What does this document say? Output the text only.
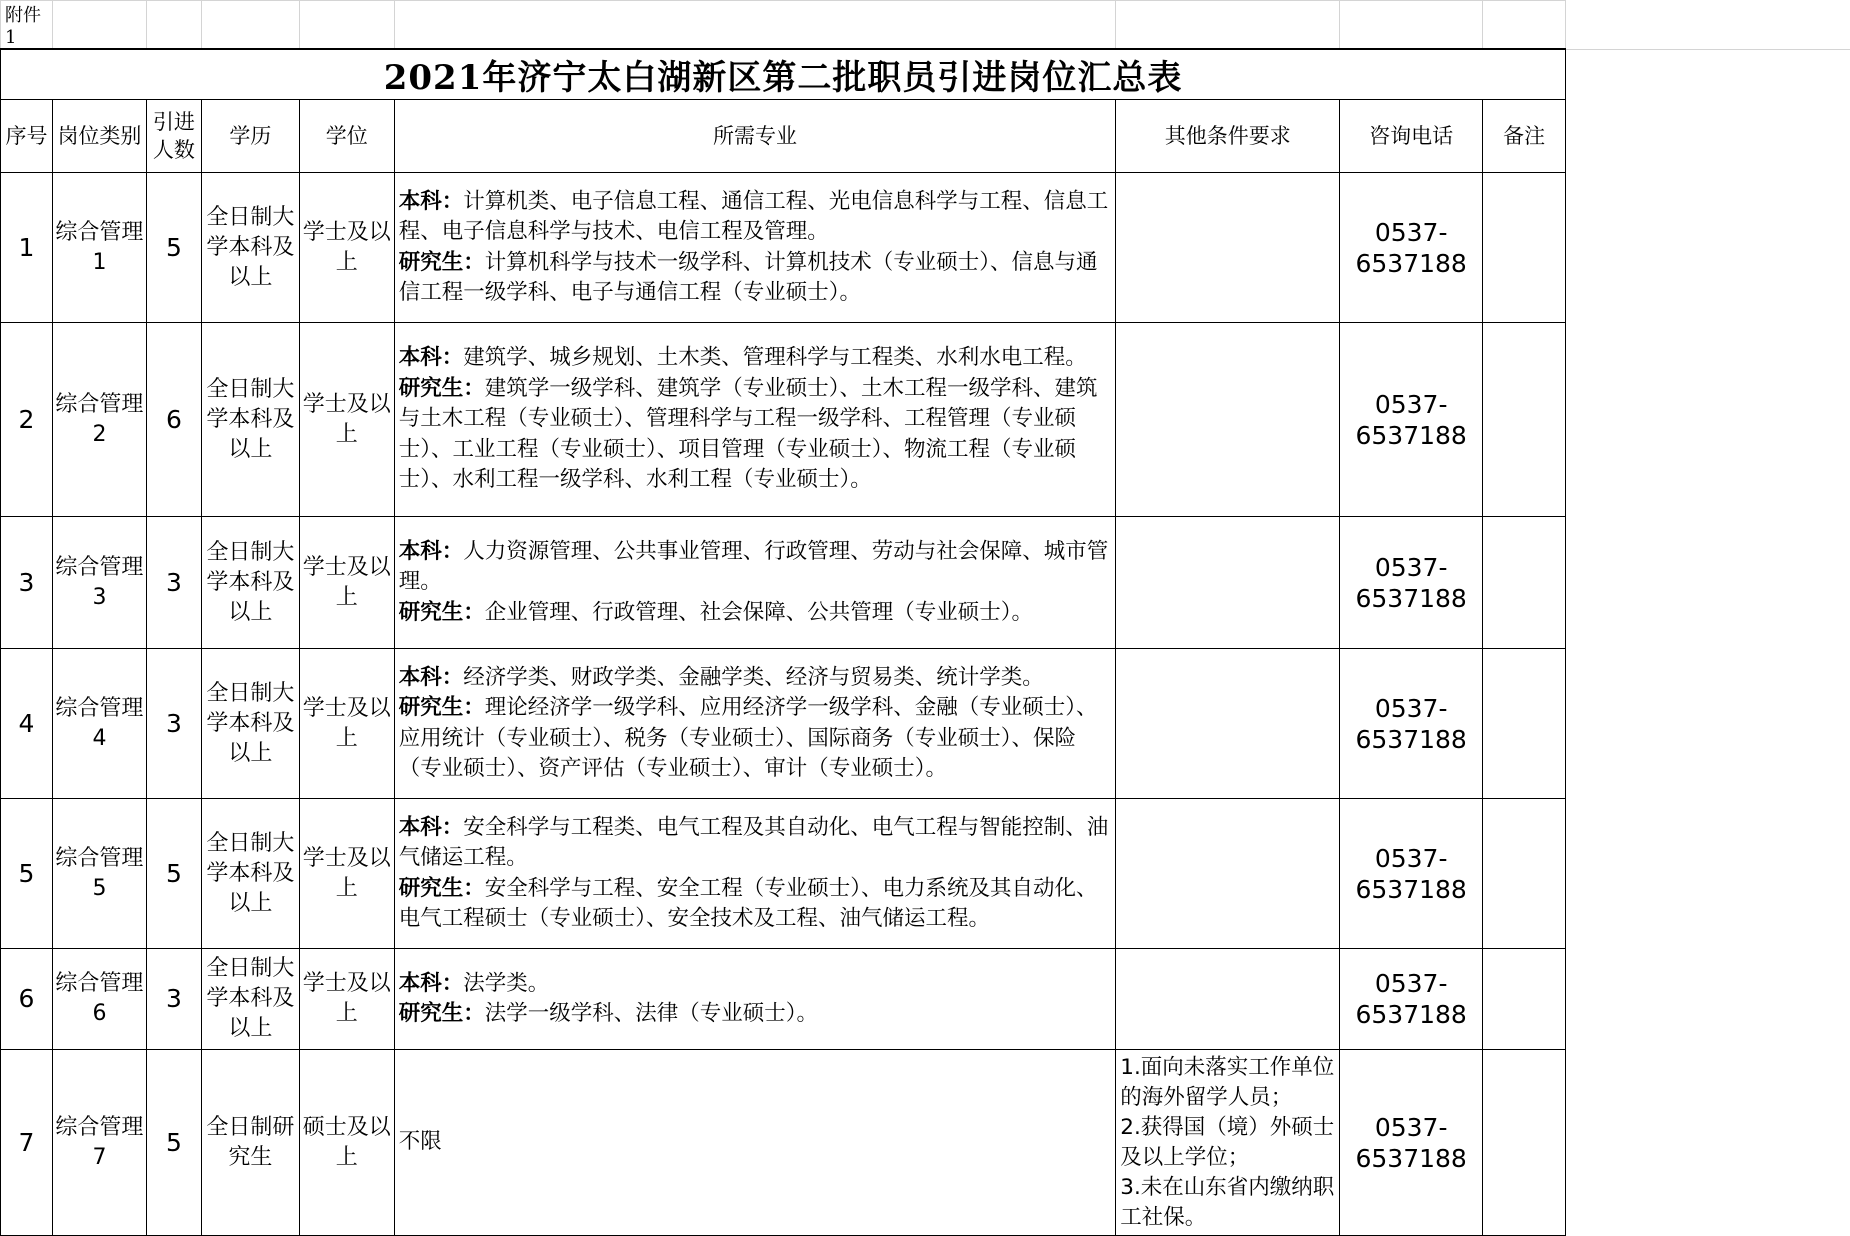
附件1									
2021年济宁太白湖新区第二批职员引进岗位汇总表									
序号	岗位类别	引进人数	学历	学位	所需专业	其他条件要求	咨询电话	备注	
1	综合管理1	5	全日制大学本科及以上	学士及以上	本科：计算机类、电子信息工程、通信工程、光电信息科学与工程、信息工程、电子信息科学与技术、电信工程及管理。
研究生：计算机科学与技术一级学科、计算机技术（专业硕士）、信息与通信工程一级学科、电子与通信工程（专业硕士）。		0537-6537188		
2	综合管理2	6	全日制大学本科及以上	学士及以上	本科：建筑学、城乡规划、土木类、管理科学与工程类、水利水电工程。
研究生：建筑学一级学科、建筑学（专业硕士）、土木工程一级学科、建筑与土木工程（专业硕士）、管理科学与工程一级学科、工程管理（专业硕士）、工业工程（专业硕士）、项目管理（专业硕士）、物流工程（专业硕士）、水利工程一级学科、水利工程（专业硕士）。		0537-6537188		
3	综合管理3	3	全日制大学本科及以上	学士及以上	本科：人力资源管理、公共事业管理、行政管理、劳动与社会保障、城市管理。
研究生：企业管理、行政管理、社会保障、公共管理（专业硕士）。		0537-6537188		
4	综合管理4	3	全日制大学本科及以上	学士及以上	本科：经济学类、财政学类、金融学类、经济与贸易类、统计学类。
研究生：理论经济学一级学科、应用经济学一级学科、金融（专业硕士）、应用统计（专业硕士）、税务（专业硕士）、国际商务（专业硕士）、保险（专业硕士）、资产评估（专业硕士）、审计（专业硕士）。		0537-6537188		
5	综合管理5	5	全日制大学本科及以上	学士及以上	本科：安全科学与工程类、电气工程及其自动化、电气工程与智能控制、油气储运工程。
研究生：安全科学与工程、安全工程（专业硕士）、电力系统及其自动化、电气工程硕士（专业硕士）、安全技术及工程、油气储运工程。		0537-6537188		
6	综合管理6	3	全日制大学本科及以上	学士及以上	本科：法学类。
研究生：法学一级学科、法律（专业硕士）。		0537-6537188		
7	综合管理7	5	全日制研究生	硕士及以上	不限	1.面向未落实工作单位的海外留学人员；
2.获得国（境）外硕士及以上学位；
3.未在山东省内缴纳职工社保。	0537-6537188		
